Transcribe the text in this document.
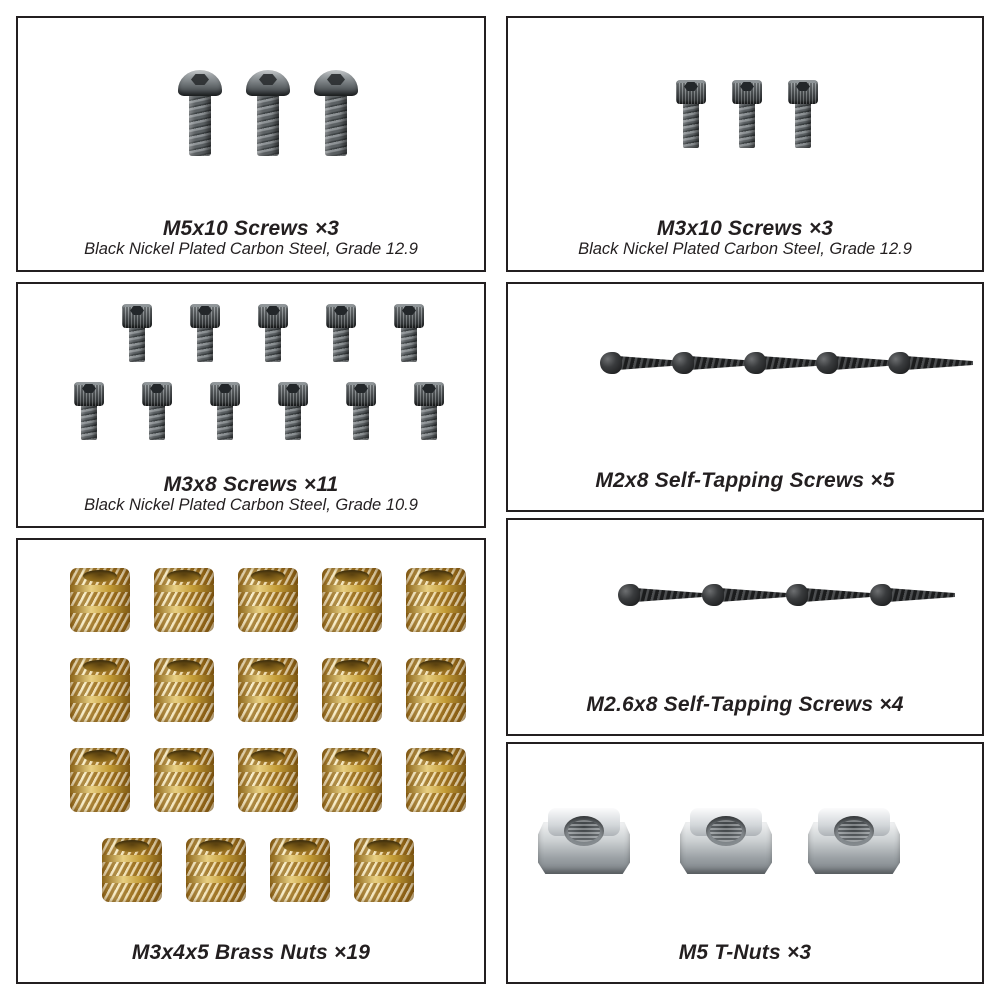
M5x10 Screws ×3
Black Nickel Plated Carbon Steel, Grade 12.9
M3x10 Screws ×3
Black Nickel Plated Carbon Steel, Grade 12.9
M3x8 Screws ×11
Black Nickel Plated Carbon Steel, Grade 10.9
M2x8 Self-Tapping Screws ×5
M2.6x8 Self-Tapping Screws ×4
M3x4x5 Brass Nuts ×19	M5 T-Nuts ×3
